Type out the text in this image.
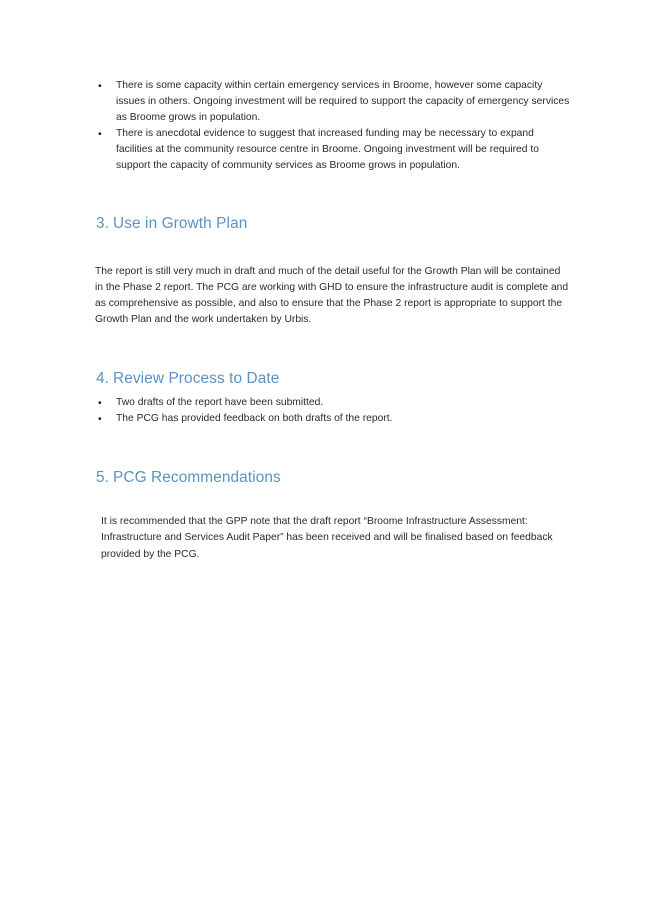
• There is some capacity within certain emergency services in Broome, however some capacity issues in others. Ongoing investment will be required to support the capacity of emergency services as Broome grows in population.
• There is anecdotal evidence to suggest that increased funding may be necessary to expand facilities at the community resource centre in Broome. Ongoing investment will be required to support the capacity of community services as Broome grows in population.
3. Use in Growth Plan

The report is still very much in draft and much of the detail useful for the Growth Plan will be contained in the Phase 2 report. The PCG are working with GHD to ensure the infrastructure audit is complete and as comprehensive as possible, and also to ensure that the Phase 2 report is appropriate to support the Growth Plan and the work undertaken by Urbis.

4. Review Process to Date
• Two drafts of the report have been submitted.
• The PCG has provided feedback on both drafts of the report.
5. PCG Recommendations

It is recommended that the GPP note that the draft report “Broome Infrastructure Assessment: Infrastructure and Services Audit Paper” has been received and will be finalised based on feedback provided by the PCG.
